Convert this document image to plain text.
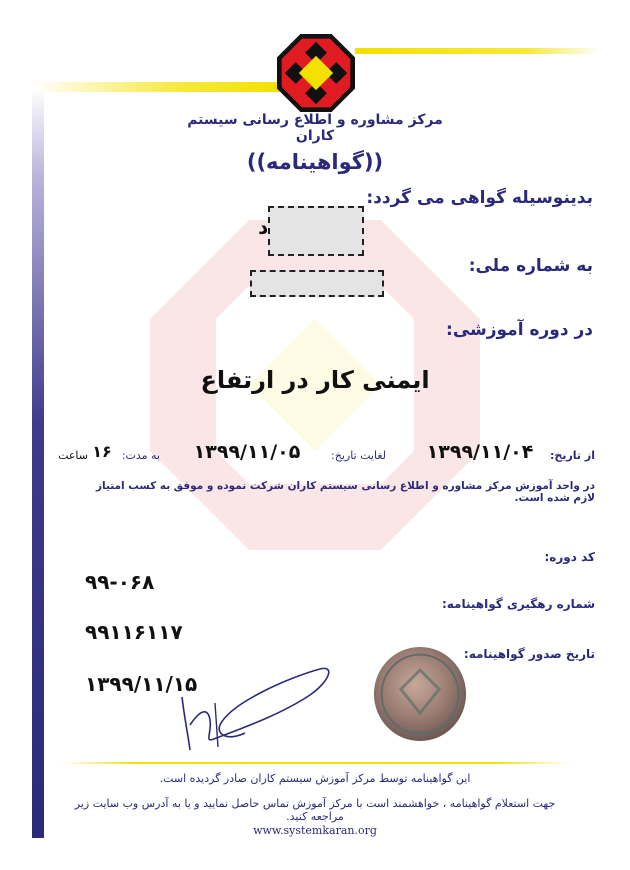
مرکز مشاوره و اطلاع رسانی سیستم کاران
((گواهینامه))
بدینوسیله گواهی می گردد:
د
به شماره ملی:
در دوره آموزشی:
ایمنی کار در ارتفاع
از تاریخ:
۱۳۹۹/۱۱/۰۴
لغایت تاریخ:
۱۳۹۹/۱۱/۰۵
به مدت:
۱۶
ساعت
در واحد آموزش مرکز مشاوره و اطلاع رسانی سیستم کاران شرکت نموده و موفق به کسب امتیاز لازم شده است.
کد دوره:
۹۹-۰۶۸
شماره رهگیری گواهینامه:
۹۹۱۱۶۱۱۷
تاریخ صدور گواهینامه:
۱۳۹۹/۱۱/۱۵
این گواهینامه توسط مرکز آموزش سیستم کاران صادر گردیده است.
جهت استعلام گواهینامه ، خواهشمند است با مرکز آموزش تماس حاصل نمایید و یا به آدرس وب سایت زیر مراجعه کنید.
www.systemkaran.org
